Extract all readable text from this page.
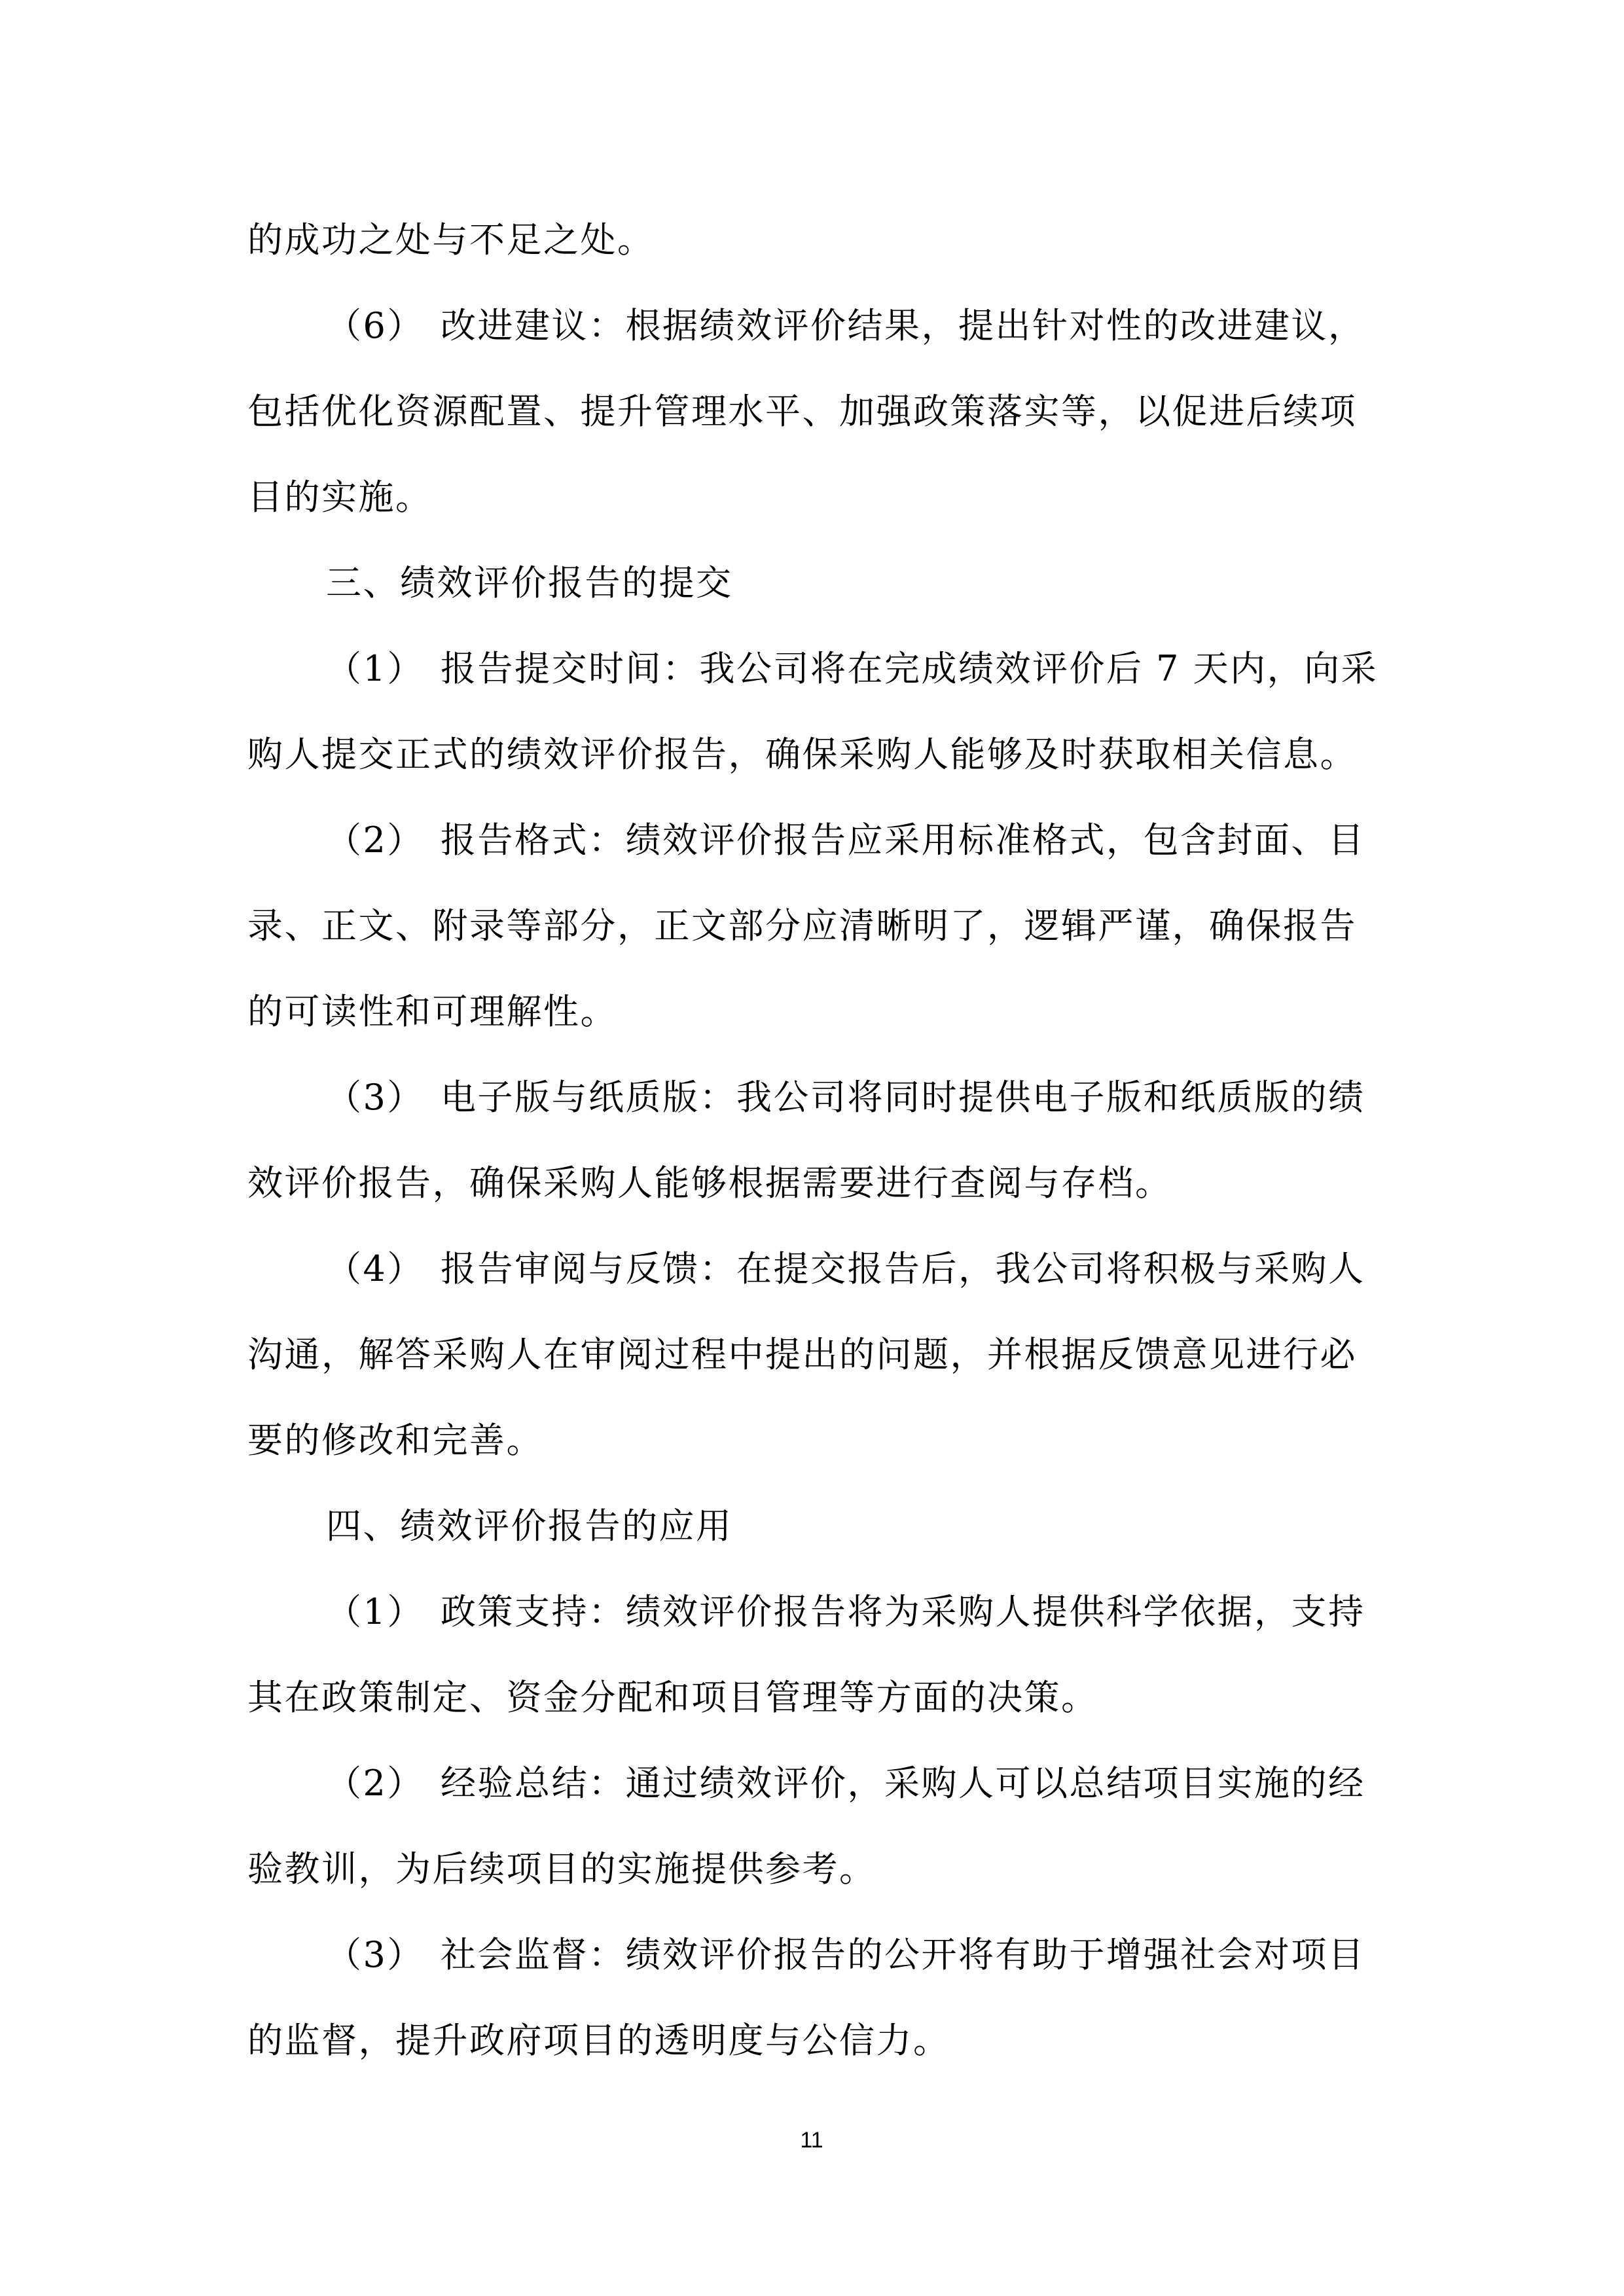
的成功之处与不足之处。
（6） 改进建议：根据绩效评价结果，提出针对性的改进建议，
包括优化资源配置、提升管理水平、加强政策落实等，以促进后续项
目的实施。
三、绩效评价报告的提交
（1） 报告提交时间：我公司将在完成绩效评价后 7 天内，向采
购人提交正式的绩效评价报告，确保采购人能够及时获取相关信息。
（2） 报告格式：绩效评价报告应采用标准格式，包含封面、目
录、正文、附录等部分，正文部分应清晰明了，逻辑严谨，确保报告
的可读性和可理解性。
（3） 电子版与纸质版：我公司将同时提供电子版和纸质版的绩
效评价报告，确保采购人能够根据需要进行查阅与存档。
（4） 报告审阅与反馈：在提交报告后，我公司将积极与采购人
沟通，解答采购人在审阅过程中提出的问题，并根据反馈意见进行必
要的修改和完善。
四、绩效评价报告的应用
（1） 政策支持：绩效评价报告将为采购人提供科学依据，支持
其在政策制定、资金分配和项目管理等方面的决策。
（2） 经验总结：通过绩效评价，采购人可以总结项目实施的经
验教训，为后续项目的实施提供参考。
（3） 社会监督：绩效评价报告的公开将有助于增强社会对项目
的监督，提升政府项目的透明度与公信力。
11
